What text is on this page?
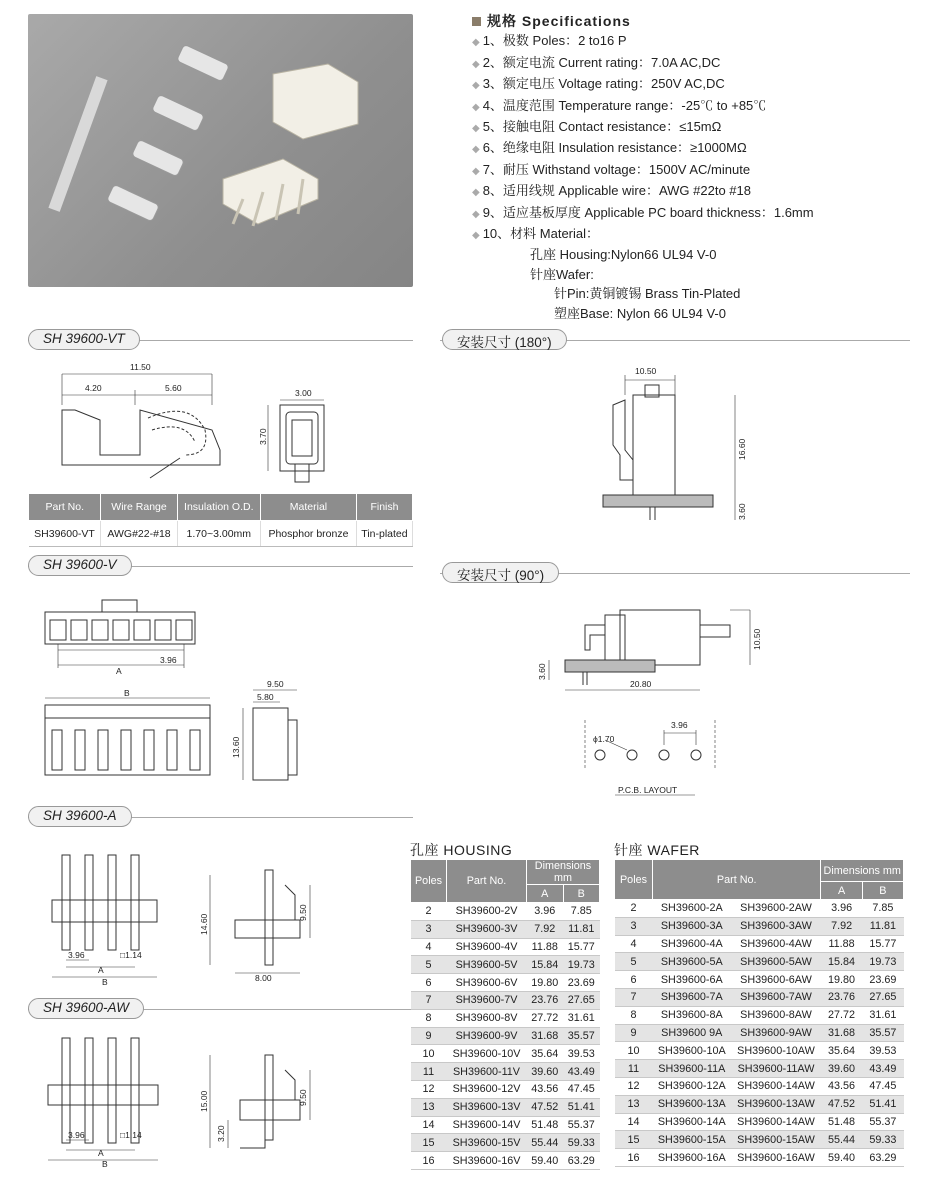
规格 Specifications
◆ 1、极数 Poles：2 to16 P
◆ 2、额定电流 Current rating：7.0A AC,DC
◆ 3、额定电压 Voltage rating：250V AC,DC
◆ 4、温度范围 Temperature range：-25℃ to +85℃
◆ 5、接触电阻 Contact resistance：≤15mΩ
◆ 6、绝缘电阻 Insulation resistance：≥1000MΩ
◆ 7、耐压 Withstand voltage：1500V AC/minute
◆ 8、适用线规 Applicable wire：AWG #22to #18
◆ 9、适应基板厚度 Applicable PC board thickness：1.6mm
◆ 10、材料 Material：
孔座 Housing:Nylon66 UL94 V-0
针座Wafer:
针Pin:黄铜镀锡 Brass Tin-Plated
塑座Base: Nylon 66 UL94 V-0
SH 39600-VT	安装尺寸 (180°)
SH 39600-V
安装尺寸 (90°)
SH 39600-A
SH 39600-AW
11.50
4.20	5.60	3.00
3.70
Part No.	Wire Range	Insulation O.D.	Material	Finish
SH39600-VT	AWG#22-#18	1.70~3.00mm	Phosphor bronze	Tin-plated
10.50
16.60
3.60
10.50
3.60
20.80
ϕ1.70
3.96
P.C.B. LAYOUT
3.96
A
B
9.50
5.80
13.60
3.96	□1.14
A
B
14.60
9.50
8.00
3.96	□1.14
A
B
15.00
3.20
9.50
孔座 HOUSING
Poles	Part No.	Dimensions mm	
		A	B
2	SH39600-2V	3.96	7.85
3	SH39600-3V	7.92	11.81
4	SH39600-4V	11.88	15.77
5	SH39600-5V	15.84	19.73
6	SH39600-6V	19.80	23.69
7	SH39600-7V	23.76	27.65
8	SH39600-8V	27.72	31.61
9	SH39600-9V	31.68	35.57
10	SH39600-10V	35.64	39.53
11	SH39600-11V	39.60	43.49
12	SH39600-12V	43.56	47.45
13	SH39600-13V	47.52	51.41
14	SH39600-14V	51.48	55.37
15	SH39600-15V	55.44	59.33
16	SH39600-16V	59.40	63.29
针座 WAFER
Poles	Part No.		Dimensions mm	
			A	B
2	SH39600-2A	SH39600-2AW	3.96	7.85
3	SH39600-3A	SH39600-3AW	7.92	11.81
4	SH39600-4A	SH39600-4AW	11.88	15.77
5	SH39600-5A	SH39600-5AW	15.84	19.73
6	SH39600-6A	SH39600-6AW	19.80	23.69
7	SH39600-7A	SH39600-7AW	23.76	27.65
8	SH39600-8A	SH39600-8AW	27.72	31.61
9	SH39600 9A	SH39600-9AW	31.68	35.57
10	SH39600-10A	SH39600-10AW	35.64	39.53
11	SH39600-11A	SH39600-11AW	39.60	43.49
12	SH39600-12A	SH39600-14AW	43.56	47.45
13	SH39600-13A	SH39600-13AW	47.52	51.41
14	SH39600-14A	SH39600-14AW	51.48	55.37
15	SH39600-15A	SH39600-15AW	55.44	59.33
16	SH39600-16A	SH39600-16AW	59.40	63.29
